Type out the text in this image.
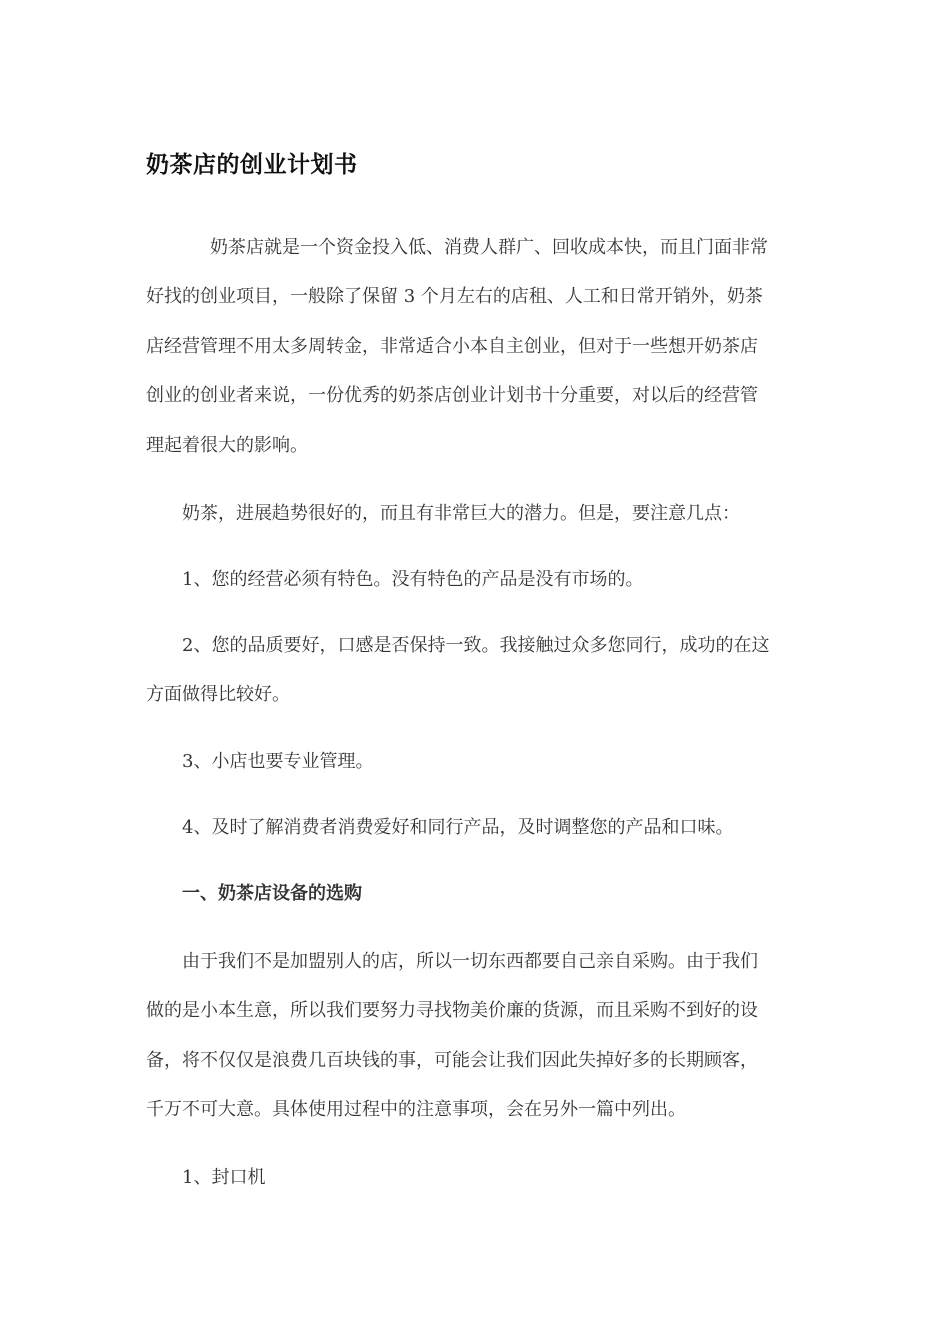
奶茶店的创业计划书
奶茶店就是一个资金投入低、消费人群广、回收成本快，而且门面非常
好找的创业项目，一般除了保留 3 个月左右的店租、人工和日常开销外，奶茶
店经营管理不用太多周转金，非常适合小本自主创业，但对于一些想开奶茶店
创业的创业者来说，一份优秀的奶茶店创业计划书十分重要，对以后的经营管
理起着很大的影响。
奶茶，进展趋势很好的，而且有非常巨大的潜力。但是，要注意几点：
1、您的经营必须有特色。没有特色的产品是没有市场的。
2、您的品质要好，口感是否保持一致。我接触过众多您同行，成功的在这
方面做得比较好。
3、小店也要专业管理。
4、及时了解消费者消费爱好和同行产品，及时调整您的产品和口味。
一、奶茶店设备的选购
由于我们不是加盟别人的店，所以一切东西都要自己亲自采购。由于我们
做的是小本生意，所以我们要努力寻找物美价廉的货源，而且采购不到好的设
备，将不仅仅是浪费几百块钱的事，可能会让我们因此失掉好多的长期顾客，
千万不可大意。具体使用过程中的注意事项，会在另外一篇中列出。
1、封口机
